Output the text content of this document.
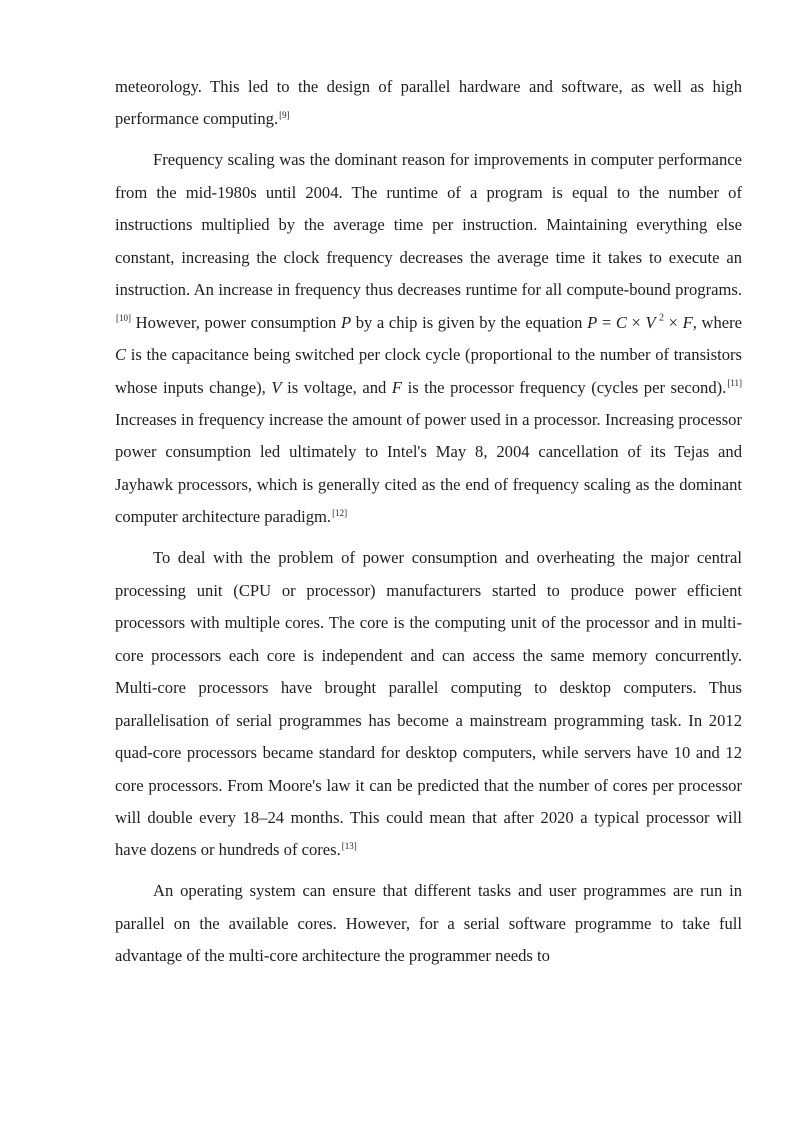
meteorology. This led to the design of parallel hardware and software, as well as high performance computing.[9]

Frequency scaling was the dominant reason for improvements in computer performance from the mid-1980s until 2004. The runtime of a program is equal to the number of instructions multiplied by the average time per instruction. Maintaining everything else constant, increasing the clock frequency decreases the average time it takes to execute an instruction. An increase in frequency thus decreases runtime for all compute-bound programs.[10] However, power consumption P by a chip is given by the equation P = C × V  $^2$ × F, where C is the capacitance being switched per clock cycle (proportional to the number of transistors whose inputs change), V is voltage, and F is the processor frequency (cycles per second).[11] Increases in frequency increase the amount of power used in a processor. Increasing processor power consumption led ultimately to Intel's May 8, 2004 cancellation of its Tejas and Jayhawk processors, which is generally cited as the end of frequency scaling as the dominant computer architecture paradigm.[12]

To deal with the problem of power consumption and overheating the major central processing unit (CPU or processor) manufacturers started to produce power efficient processors with multiple cores. The core is the computing unit of the processor and in multi-core processors each core is independent and can access the same memory concurrently. Multi-core processors have brought parallel computing to desktop computers. Thus parallelisation of serial programmes has become a mainstream programming task. In 2012 quad-core processors became standard for desktop computers, while servers have 10 and 12 core processors. From Moore's law it can be predicted that the number of cores per processor will double every 18–24 months. This could mean that after 2020 a typical processor will have dozens or hundreds of cores.[13]

An operating system can ensure that different tasks and user programmes are run in parallel on the available cores. However, for a serial software programme to take full advantage of the multi-core architecture the programmer needs to
